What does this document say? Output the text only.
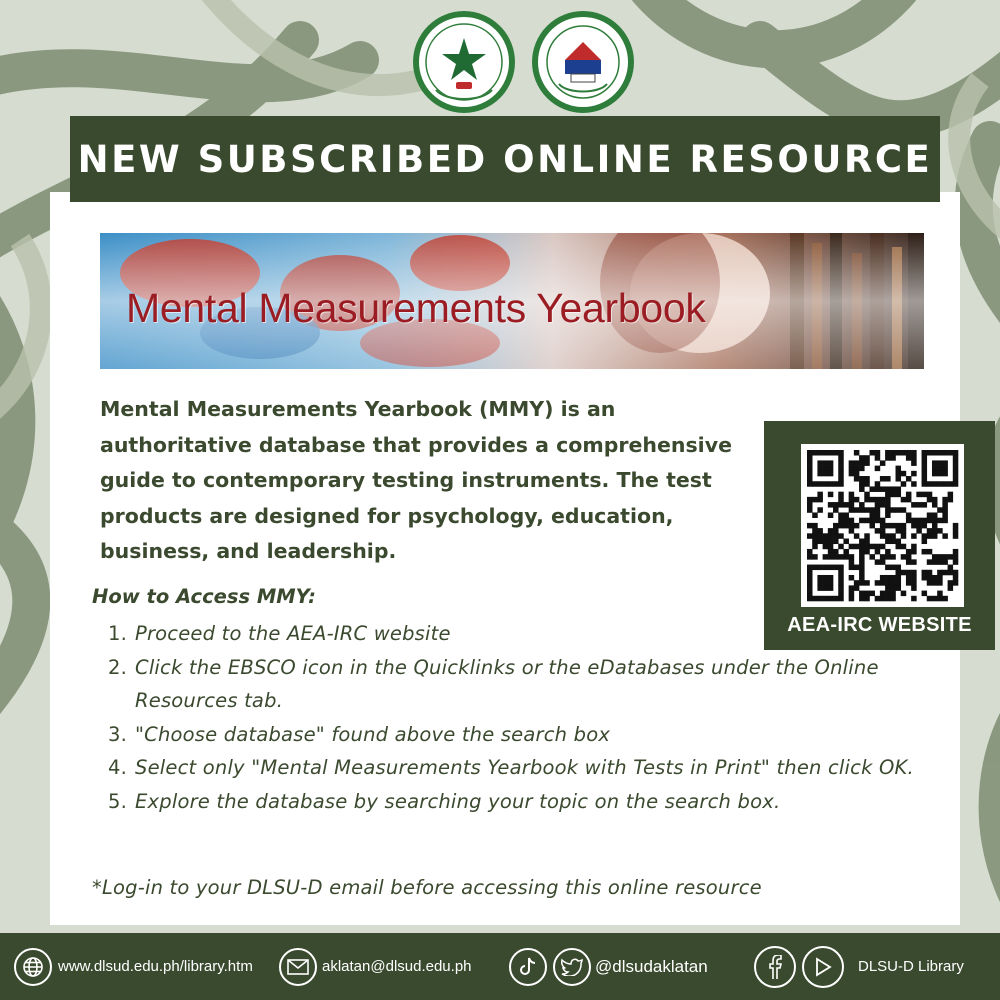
NEW SUBSCRIBED ONLINE RESOURCE
Mental Measurements Yearbook

Mental Measurements Yearbook (MMY) is an authoritative database that provides a comprehensive guide to contemporary testing instruments. The test products are designed for psychology, education, business, and leadership.

AEA-IRC WEBSITE
How to Access MMY:
1. Proceed to the AEA-IRC website
2. Click the EBSCO icon in the Quicklinks or the eDatabases under the Online Resources tab.
3. "Choose database" found above the search box
4. Select only "Mental Measurements Yearbook with Tests in Print" then click OK.
5. Explore the database by searching your topic on the search box.
*Log-in to your DLSU-D email before accessing this online resource
www.dlsud.edu.ph/library.htm	aklatan@dlsud.edu.ph	@dlsudaklatan	DLSU-D Library
